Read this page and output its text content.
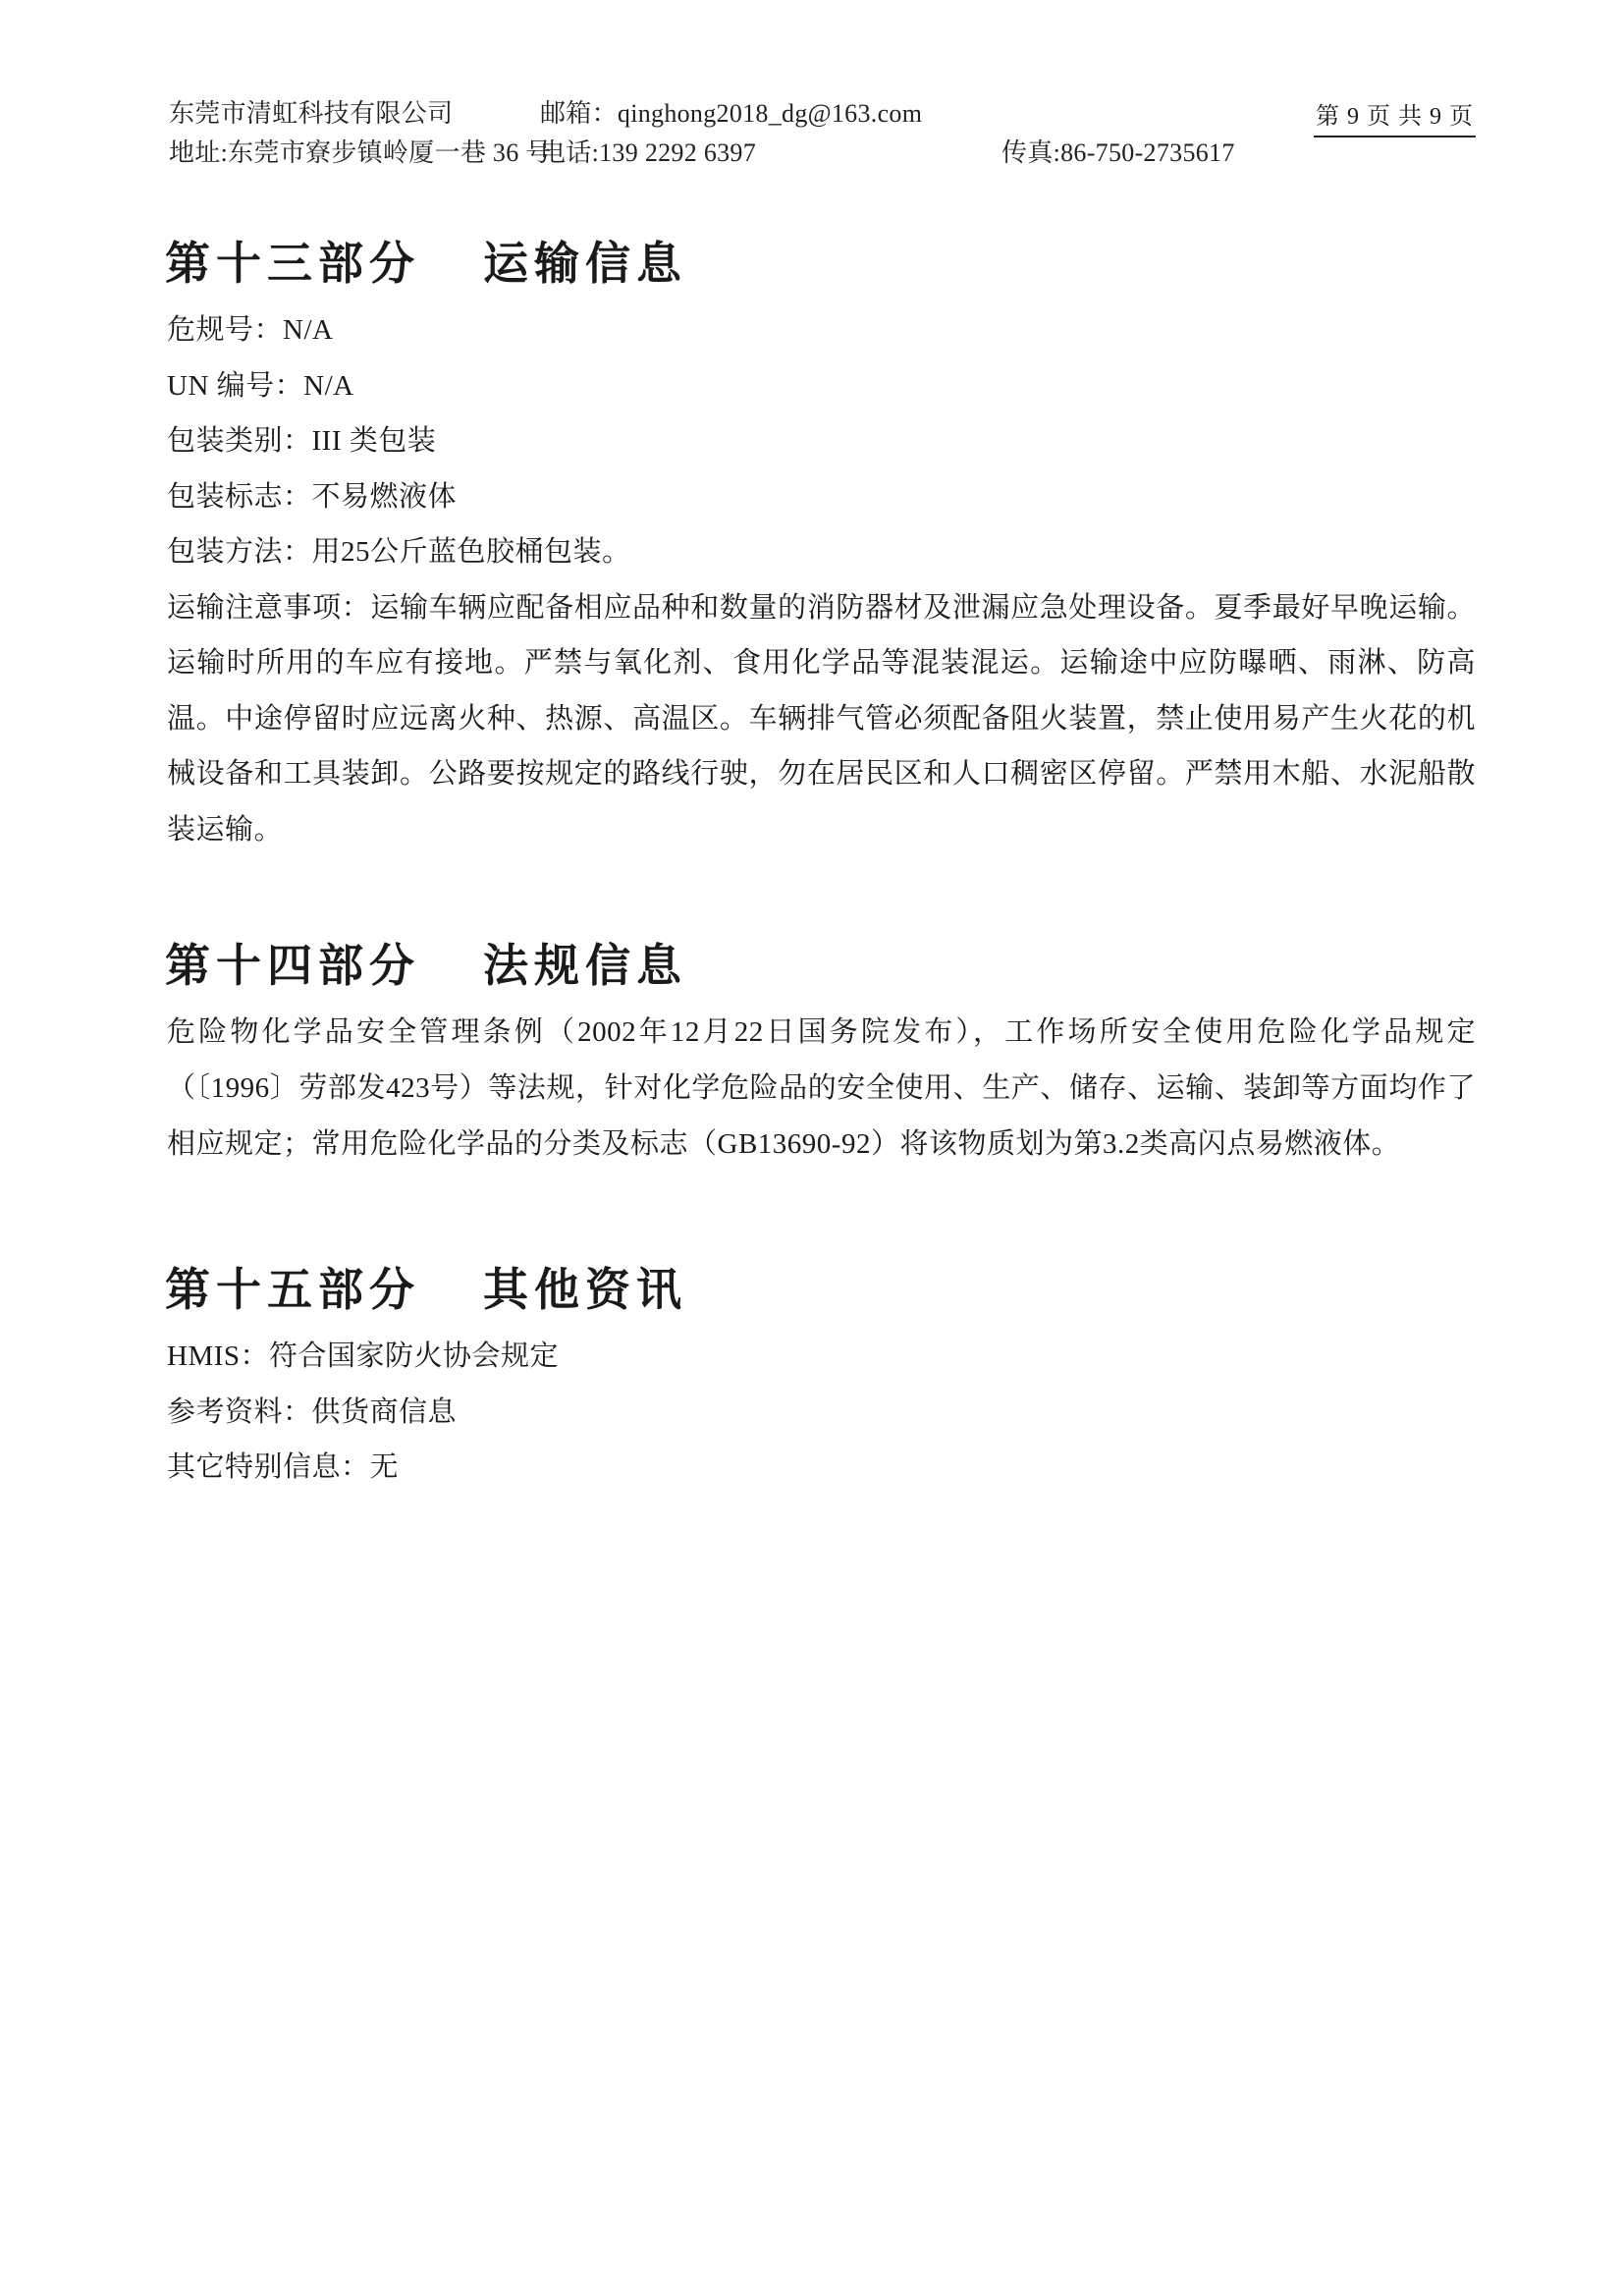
东莞市清虹科技有限公司	邮箱：qinghong2018_dg@163.com
地址:东莞市寮步镇岭厦一巷 36 号
电话:139 2292 6397	传真:86-750-2735617
第 9 页 共 9 页
第十三部分 运输信息

危规号：N/A

UN 编号：N/A

包装类别：III 类包装

包装标志：不易燃液体

包装方法：用25公斤蓝色胶桶包装。

运输注意事项：运输车辆应配备相应品种和数量的消防器材及泄漏应急处理设备。夏季最好早晚运输。运输时所用的车应有接地。严禁与氧化剂、食用化学品等混装混运。运输途中应防曝晒、雨淋、防高温。中途停留时应远离火种、热源、高温区。车辆排气管必须配备阻火装置，禁止使用易产生火花的机械设备和工具装卸。公路要按规定的路线行驶，勿在居民区和人口稠密区停留。严禁用木船、水泥船散装运输。

第十四部分 法规信息

危险物化学品安全管理条例（2002年12月22日国务院发布），工作场所安全使用危险化学品规定（〔1996〕劳部发423号）等法规，针对化学危险品的安全使用、生产、储存、运输、装卸等方面均作了相应规定；常用危险化学品的分类及标志（GB13690-92）将该物质划为第3.2类高闪点易燃液体。

第十五部分 其他资讯

HMIS：符合国家防火协会规定

参考资料：供货商信息

其它特别信息：无
